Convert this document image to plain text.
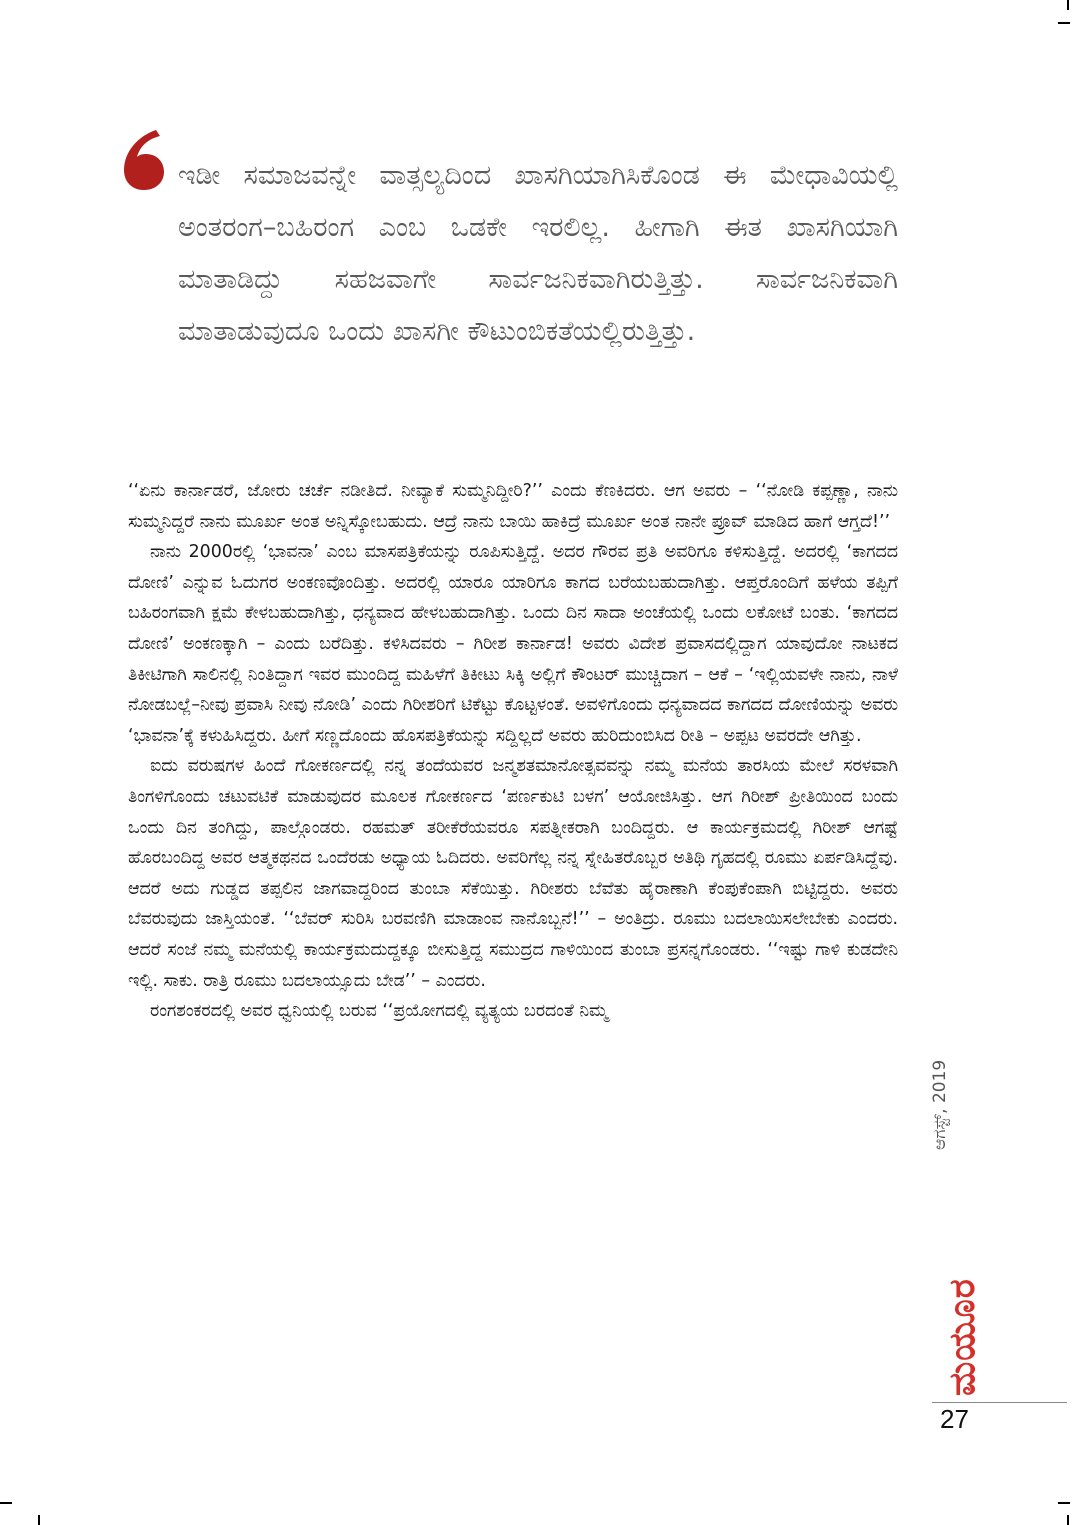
ಇಡೀ ಸಮಾಜವನ್ನೇ ವಾತ್ಸಲ್ಯದಿಂದ ಖಾಸಗಿಯಾಗಿಸಿಕೊಂಡ ಈ ಮೇಧಾವಿಯಲ್ಲಿ ಅಂತರಂಗ–ಬಹಿರಂಗ ಎಂಬ ಒಡಕೇ ಇರಲಿಲ್ಲ. ಹೀಗಾಗಿ ಈತ ಖಾಸಗಿಯಾಗಿ ಮಾತಾಡಿದ್ದು ಸಹಜವಾಗೇ ಸಾರ್ವಜನಿಕವಾಗಿರುತ್ತಿತ್ತು. ಸಾರ್ವಜನಿಕವಾಗಿ ಮಾತಾಡುವುದೂ ಒಂದು ಖಾಸಗೀ ಕೌಟುಂಬಿಕತೆಯಲ್ಲಿರುತ್ತಿತ್ತು.

‘‘ಏನು ಕಾರ್ನಾಡರೆ, ಜೋರು ಚರ್ಚೆ ನಡೀತಿದೆ. ನೀವ್ಯಾಕೆ ಸುಮ್ಮನಿದ್ದೀರಿ?’’ ಎಂದು ಕೆಣಕಿದರು. ಆಗ ಅವರು – ‘‘ನೋಡಿ ಕಪ್ಪಣ್ಣಾ, ನಾನು ಸುಮ್ಮನಿದ್ದರೆ ನಾನು ಮೂರ್ಖ ಅಂತ ಅನ್ನಿಸ್ಕೋಬಹುದು. ಆದ್ರೆ ನಾನು ಬಾಯಿ ಹಾಕಿದ್ರೆ ಮೂರ್ಖ ಅಂತ ನಾನೇ ಪ್ರೂವ್ ಮಾಡಿದ ಹಾಗೆ ಆಗ್ತದೆ!’’

ನಾನು 2000ರಲ್ಲಿ ‘ಭಾವನಾ’ ಎಂಬ ಮಾಸಪತ್ರಿಕೆಯನ್ನು ರೂಪಿಸುತ್ತಿದ್ದೆ. ಅದರ ಗೌರವ ಪ್ರತಿ ಅವರಿಗೂ ಕಳಿಸುತ್ತಿದ್ದೆ. ಅದರಲ್ಲಿ ‘ಕಾಗದದ ದೋಣಿ’ ಎನ್ನುವ ಓದುಗರ ಅಂಕಣವೊಂದಿತ್ತು. ಅದರಲ್ಲಿ ಯಾರೂ ಯಾರಿಗೂ ಕಾಗದ ಬರೆಯಬಹುದಾಗಿತ್ತು. ಆಪ್ತರೊಂದಿಗೆ ಹಳೆಯ ತಪ್ಪಿಗೆ ಬಹಿರಂಗವಾಗಿ ಕ್ಷಮೆ ಕೇಳಬಹುದಾಗಿತ್ತು, ಧನ್ಯವಾದ ಹೇಳಬಹುದಾಗಿತ್ತು. ಒಂದು ದಿನ ಸಾದಾ ಅಂಚೆಯಲ್ಲಿ ಒಂದು ಲಕೋಟೆ ಬಂತು. ‘ಕಾಗದದ ದೋಣಿ’ ಅಂಕಣಕ್ಕಾಗಿ – ಎಂದು ಬರೆದಿತ್ತು. ಕಳಿಸಿದವರು – ಗಿರೀಶ ಕಾರ್ನಾಡ! ಅವರು ವಿದೇಶ ಪ್ರವಾಸದಲ್ಲಿದ್ದಾಗ ಯಾವುದೋ ನಾಟಕದ ತಿಕೀಟಿಗಾಗಿ ಸಾಲಿನಲ್ಲಿ ನಿಂತಿದ್ದಾಗ ಇವರ ಮುಂದಿದ್ದ ಮಹಿಳೆಗೆ ತಿಕೀಟು ಸಿಕ್ಕಿ ಅಲ್ಲಿಗೆ ಕೌಂಟರ್ ಮುಚ್ಚಿದಾಗ – ಆಕೆ – ‘ಇಲ್ಲಿಯವಳೇ ನಾನು, ನಾಳೆ ನೋಡಬಲ್ಲೆ–ನೀವು ಪ್ರವಾಸಿ ನೀವು ನೋಡಿ’ ಎಂದು ಗಿರೀಶರಿಗೆ ಟಿಕೆಟ್ಟು ಕೊಟ್ಟಳಂತೆ. ಅವಳಿಗೊಂದು ಧನ್ಯವಾದದ ಕಾಗದದ ದೋಣಿಯನ್ನು ಅವರು ‘ಭಾವನಾ’ಕ್ಕೆ ಕಳುಹಿಸಿದ್ದರು. ಹೀಗೆ ಸಣ್ಣದೊಂದು ಹೊಸಪತ್ರಿಕೆಯನ್ನು ಸದ್ದಿಲ್ಲದೆ ಅವರು ಹುರಿದುಂಬಿಸಿದ ರೀತಿ – ಅಪ್ಪಟ ಅವರದೇ ಆಗಿತ್ತು.

ಐದು ವರುಷಗಳ ಹಿಂದೆ ಗೋಕರ್ಣದಲ್ಲಿ ನನ್ನ ತಂದೆಯವರ ಜನ್ಮಶತಮಾನೋತ್ಸವವನ್ನು ನಮ್ಮ ಮನೆಯ ತಾರಸಿಯ ಮೇಲೆ ಸರಳವಾಗಿ ತಿಂಗಳಿಗೊಂದು ಚಟುವಟಿಕೆ ಮಾಡುವುದರ ಮೂಲಕ ಗೋಕರ್ಣದ ‘ಪರ್ಣಕುಟಿ ಬಳಗ’ ಆಯೋಜಿಸಿತ್ತು. ಆಗ ಗಿರೀಶ್ ಪ್ರೀತಿಯಿಂದ ಬಂದು ಒಂದು ದಿನ ತಂಗಿದ್ದು, ಪಾಲ್ಗೊಂಡರು. ರಹಮತ್ ತರೀಕೆರೆಯವರೂ ಸಪತ್ನೀಕರಾಗಿ ಬಂದಿದ್ದರು. ಆ ಕಾರ್ಯಕ್ರಮದಲ್ಲಿ ಗಿರೀಶ್ ಆಗಷ್ಟೆ ಹೊರಬಂದಿದ್ದ ಅವರ ಆತ್ಮಕಥನದ ಒಂದೆರಡು ಅಧ್ಯಾಯ ಓದಿದರು. ಅವರಿಗೆಲ್ಲ ನನ್ನ ಸ್ನೇಹಿತರೊಬ್ಬರ ಅತಿಥಿ ಗೃಹದಲ್ಲಿ ರೂಮು ಏರ್ಪಡಿಸಿದ್ದೆವು. ಆದರೆ ಅದು ಗುಡ್ಡದ ತಪ್ಪಲಿನ ಜಾಗವಾದ್ದರಿಂದ ತುಂಬಾ ಸೆಕೆಯಿತ್ತು. ಗಿರೀಶರು ಬೆವೆತು ಹೈರಾಣಾಗಿ ಕೆಂಪುಕೆಂಪಾಗಿ ಬಿಟ್ಟಿದ್ದರು. ಅವರು ಬೆವರುವುದು ಜಾಸ್ತಿಯಂತೆ. ‘‘ಬೆವರ್ ಸುರಿಸಿ ಬರವಣಿಗಿ ಮಾಡಾಂವ ನಾನೊಬ್ಬನೆ!’’ – ಅಂತಿದ್ರು. ರೂಮು ಬದಲಾಯಿಸಲೇಬೇಕು ಎಂದರು. ಆದರೆ ಸಂಜೆ ನಮ್ಮ ಮನೆಯಲ್ಲಿ ಕಾರ್ಯಕ್ರಮದುದ್ದಕ್ಕೂ ಬೀಸುತ್ತಿದ್ದ ಸಮುದ್ರದ ಗಾಳಿಯಿಂದ ತುಂಬಾ ಪ್ರಸನ್ನಗೊಂಡರು. ‘‘ಇಷ್ಟು ಗಾಳಿ ಕುಡದೇನಿ ಇಲ್ಲಿ. ಸಾಕು. ರಾತ್ರಿ ರೂಮು ಬದಲಾಯ್ಸೂದು ಬೇಡ’’ – ಎಂದರು.

ರಂಗಶಂಕರದಲ್ಲಿ ಅವರ ಧ್ವನಿಯಲ್ಲಿ ಬರುವ ‘‘ಪ್ರಯೋಗದಲ್ಲಿ ವ್ಯತ್ಯಯ ಬರದಂತೆ ನಿಮ್ಮ

ಆಗಸ್ಟ್, 2019
ಮಯೂರ
27
